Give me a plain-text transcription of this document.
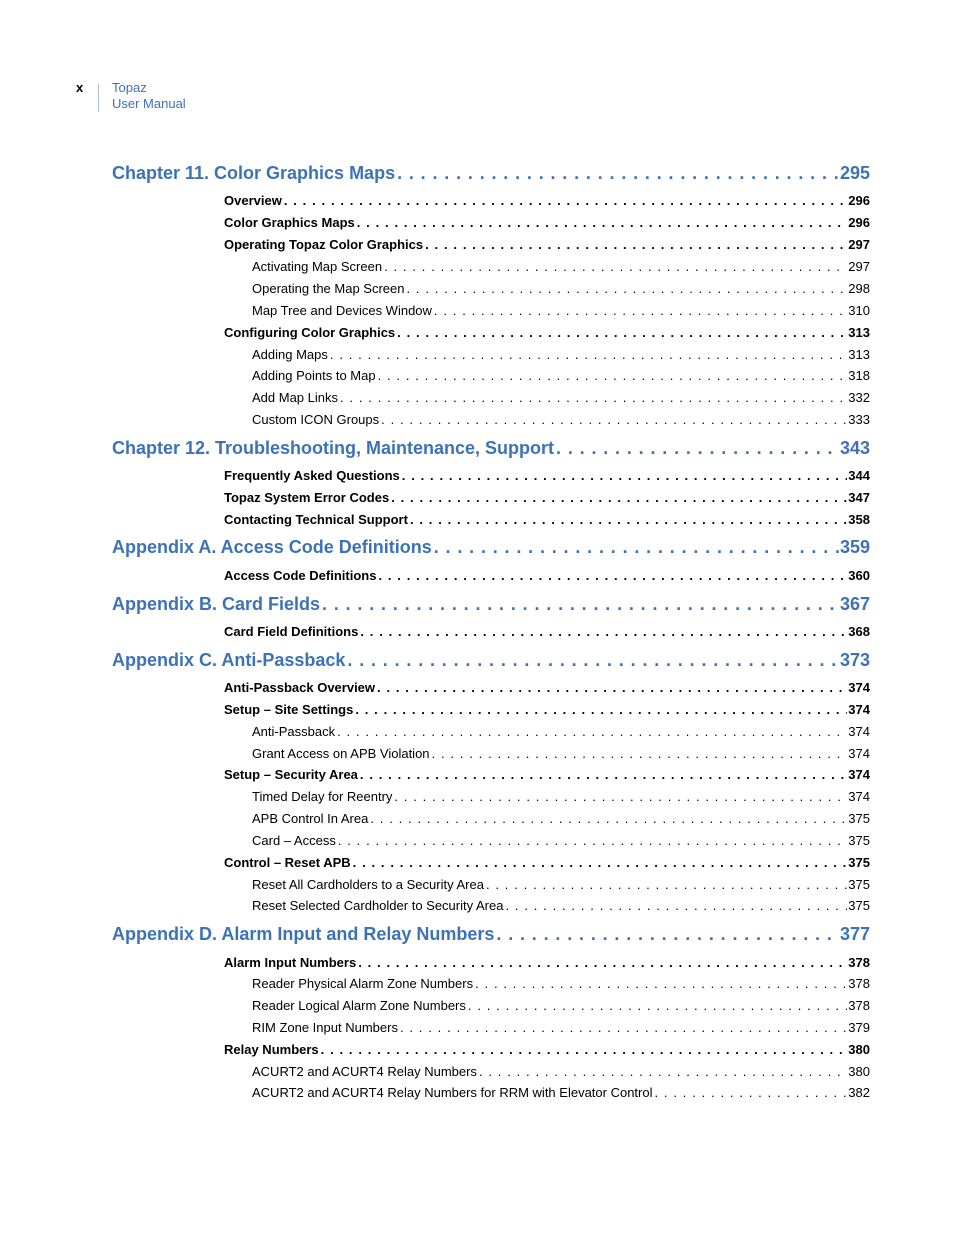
x Topaz
User Manual
Chapter 11. Color Graphics Maps . . .	295
Overview . . .	296
Color Graphics Maps . . .	296
Operating Topaz Color Graphics . . .	297
Activating Map Screen . . .	297
Operating the Map Screen . . .	298
Map Tree and Devices Window . . .	310
Configuring Color Graphics . . .	313
Adding Maps . . .	313
Adding Points to Map . . .	318
Add Map Links . . .	332
Custom ICON Groups . . .	333
Chapter 12. Troubleshooting, Maintenance, Support . . .	343
Frequently Asked Questions . . .	344
Topaz System Error Codes . . .	347
Contacting Technical Support . . .	358
Appendix A. Access Code Definitions . . .	359
Access Code Definitions . . .	360
Appendix B. Card Fields . . .	367
Card Field Definitions . . .	368
Appendix C. Anti-Passback . . .	373
Anti-Passback Overview . . .	374
Setup – Site Settings . . .	374
Anti-Passback . . .	374
Grant Access on APB Violation . . .	374
Setup – Security Area . . .	374
Timed Delay for Reentry . . .	374
APB Control In Area . . .	375
Card – Access . . .	375
Control – Reset APB . . .	375
Reset All Cardholders to a Security Area . . .	375
Reset Selected Cardholder to Security Area . . .	375
Appendix D. Alarm Input and Relay Numbers . . .	377
Alarm Input Numbers . . .	378
Reader Physical Alarm Zone Numbers . . .	378
Reader Logical Alarm Zone Numbers . . .	378
RIM Zone Input Numbers . . .	379
Relay Numbers . . .	380
ACURT2 and ACURT4 Relay Numbers . . .	380
ACURT2 and ACURT4 Relay Numbers for RRM with Elevator Control . . .	382
